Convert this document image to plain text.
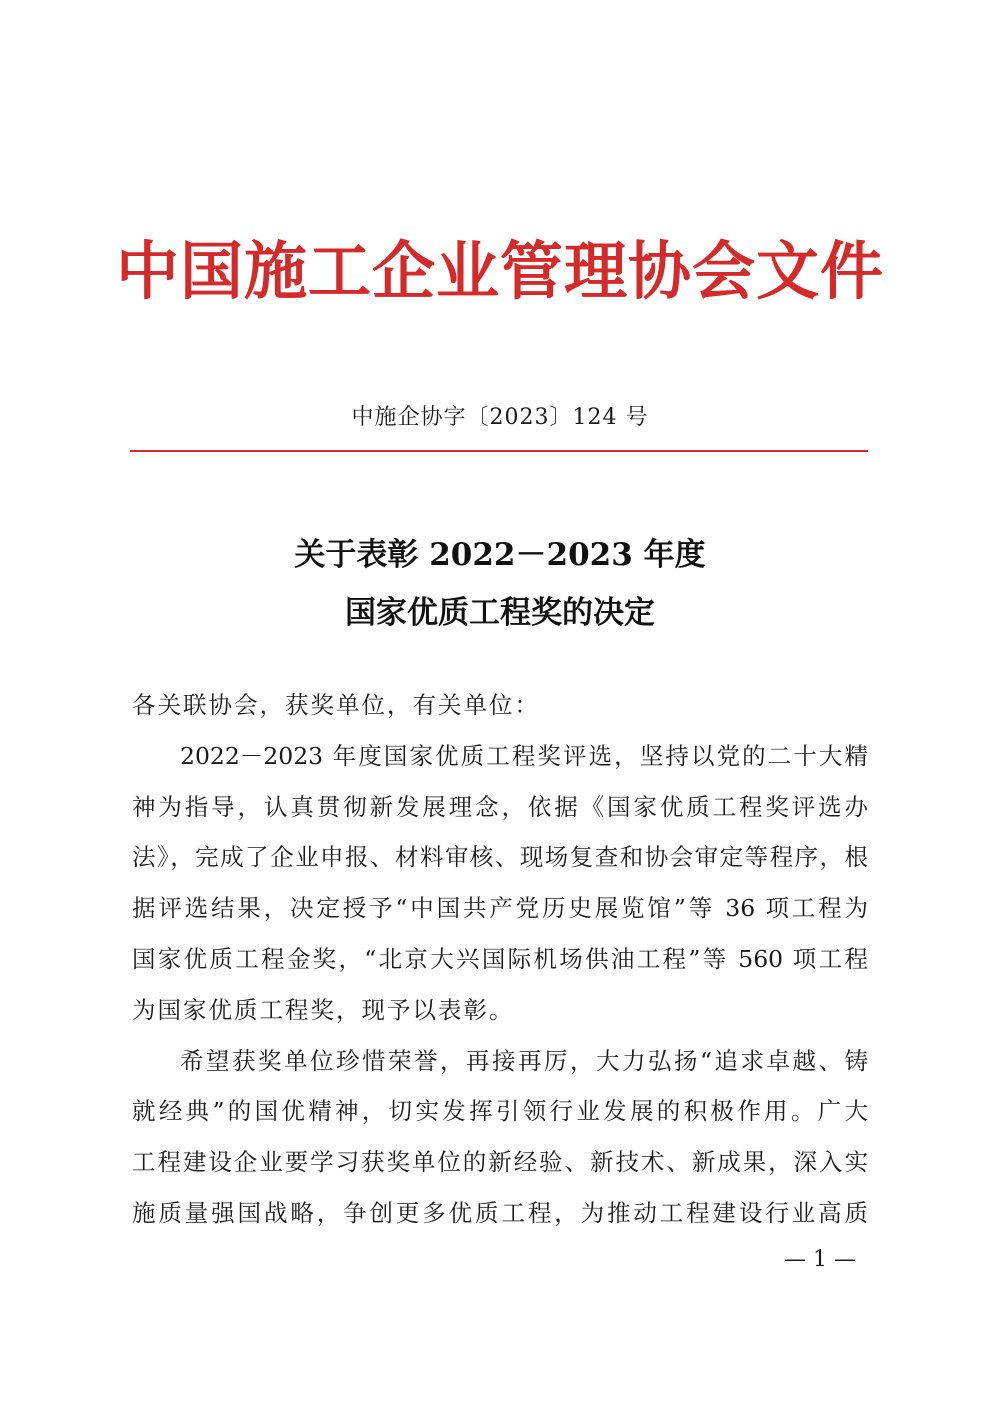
中国施工企业管理协会文件
中施企协字〔2023〕124 号
关于表彰 2022－2023 年度
国家优质工程奖的决定
各关联协会，获奖单位，有关单位：
2022－2023 年度国家优质工程奖评选，坚持以党的二十大精
神为指导，认真贯彻新发展理念，依据《国家优质工程奖评选办
法》，完成了企业申报、材料审核、现场复查和协会审定等程序，根
据评选结果，决定授予“中国共产党历史展览馆”等 36 项工程为
国家优质工程金奖，“北京大兴国际机场供油工程”等 560 项工程
为国家优质工程奖，现予以表彰。
希望获奖单位珍惜荣誉，再接再厉，大力弘扬“追求卓越、铸
就经典”的国优精神，切实发挥引领行业发展的积极作用。广大
工程建设企业要学习获奖单位的新经验、新技术、新成果，深入实
施质量强国战略，争创更多优质工程，为推动工程建设行业高质
— 1 —
